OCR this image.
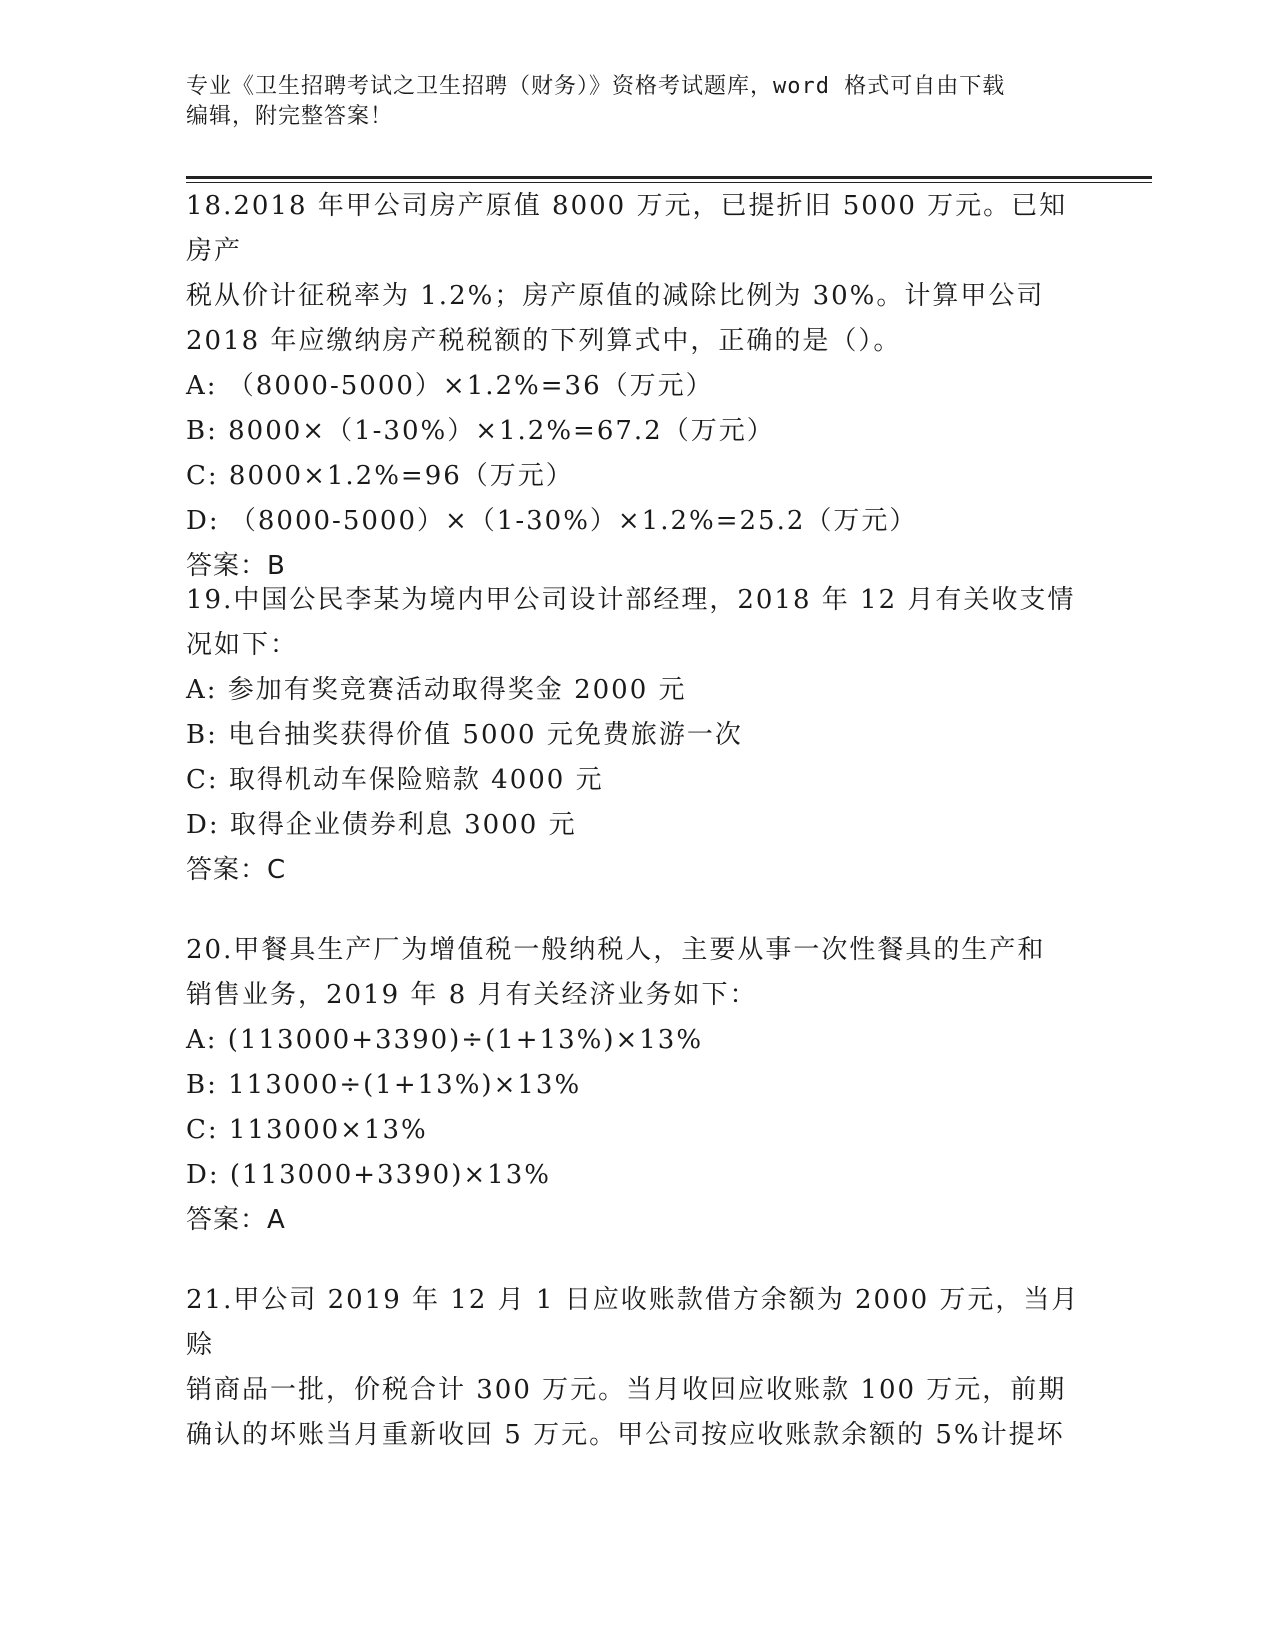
专业《卫生招聘考试之卫生招聘（财务）》资格考试题库，word 格式可自由下载
编辑，附完整答案！

18.2018 年甲公司房产原值 8000 万元，已提折旧 5000 万元。已知房产

税从价计征税率为 1.2%；房产原值的减除比例为 30%。计算甲公司

2018 年应缴纳房产税税额的下列算式中，正确的是（）。

A: （8000-5000）×1.2%=36（万元）

B: 8000×（1-30%）×1.2%=67.2（万元）

C: 8000×1.2%=96（万元）

D: （8000-5000）×（1-30%）×1.2%=25.2（万元）

答案：B

19.中国公民李某为境内甲公司设计部经理，2018 年 12 月有关收支情

况如下：

A: 参加有奖竞赛活动取得奖金 2000 元

B: 电台抽奖获得价值 5000 元免费旅游一次

C: 取得机动车保险赔款 4000 元

D: 取得企业债券利息 3000 元

答案：C

20.甲餐具生产厂为增值税一般纳税人，主要从事一次性餐具的生产和

销售业务，2019 年 8 月有关经济业务如下：

A: (113000+3390)÷(1+13%)×13%

B: 113000÷(1+13%)×13%

C: 113000×13%

D: (113000+3390)×13%

答案：A

21.甲公司 2019 年 12 月 1 日应收账款借方余额为 2000 万元，当月赊

销商品一批，价税合计 300 万元。当月收回应收账款 100 万元，前期

确认的坏账当月重新收回 5 万元。甲公司按应收账款余额的 5%计提坏
